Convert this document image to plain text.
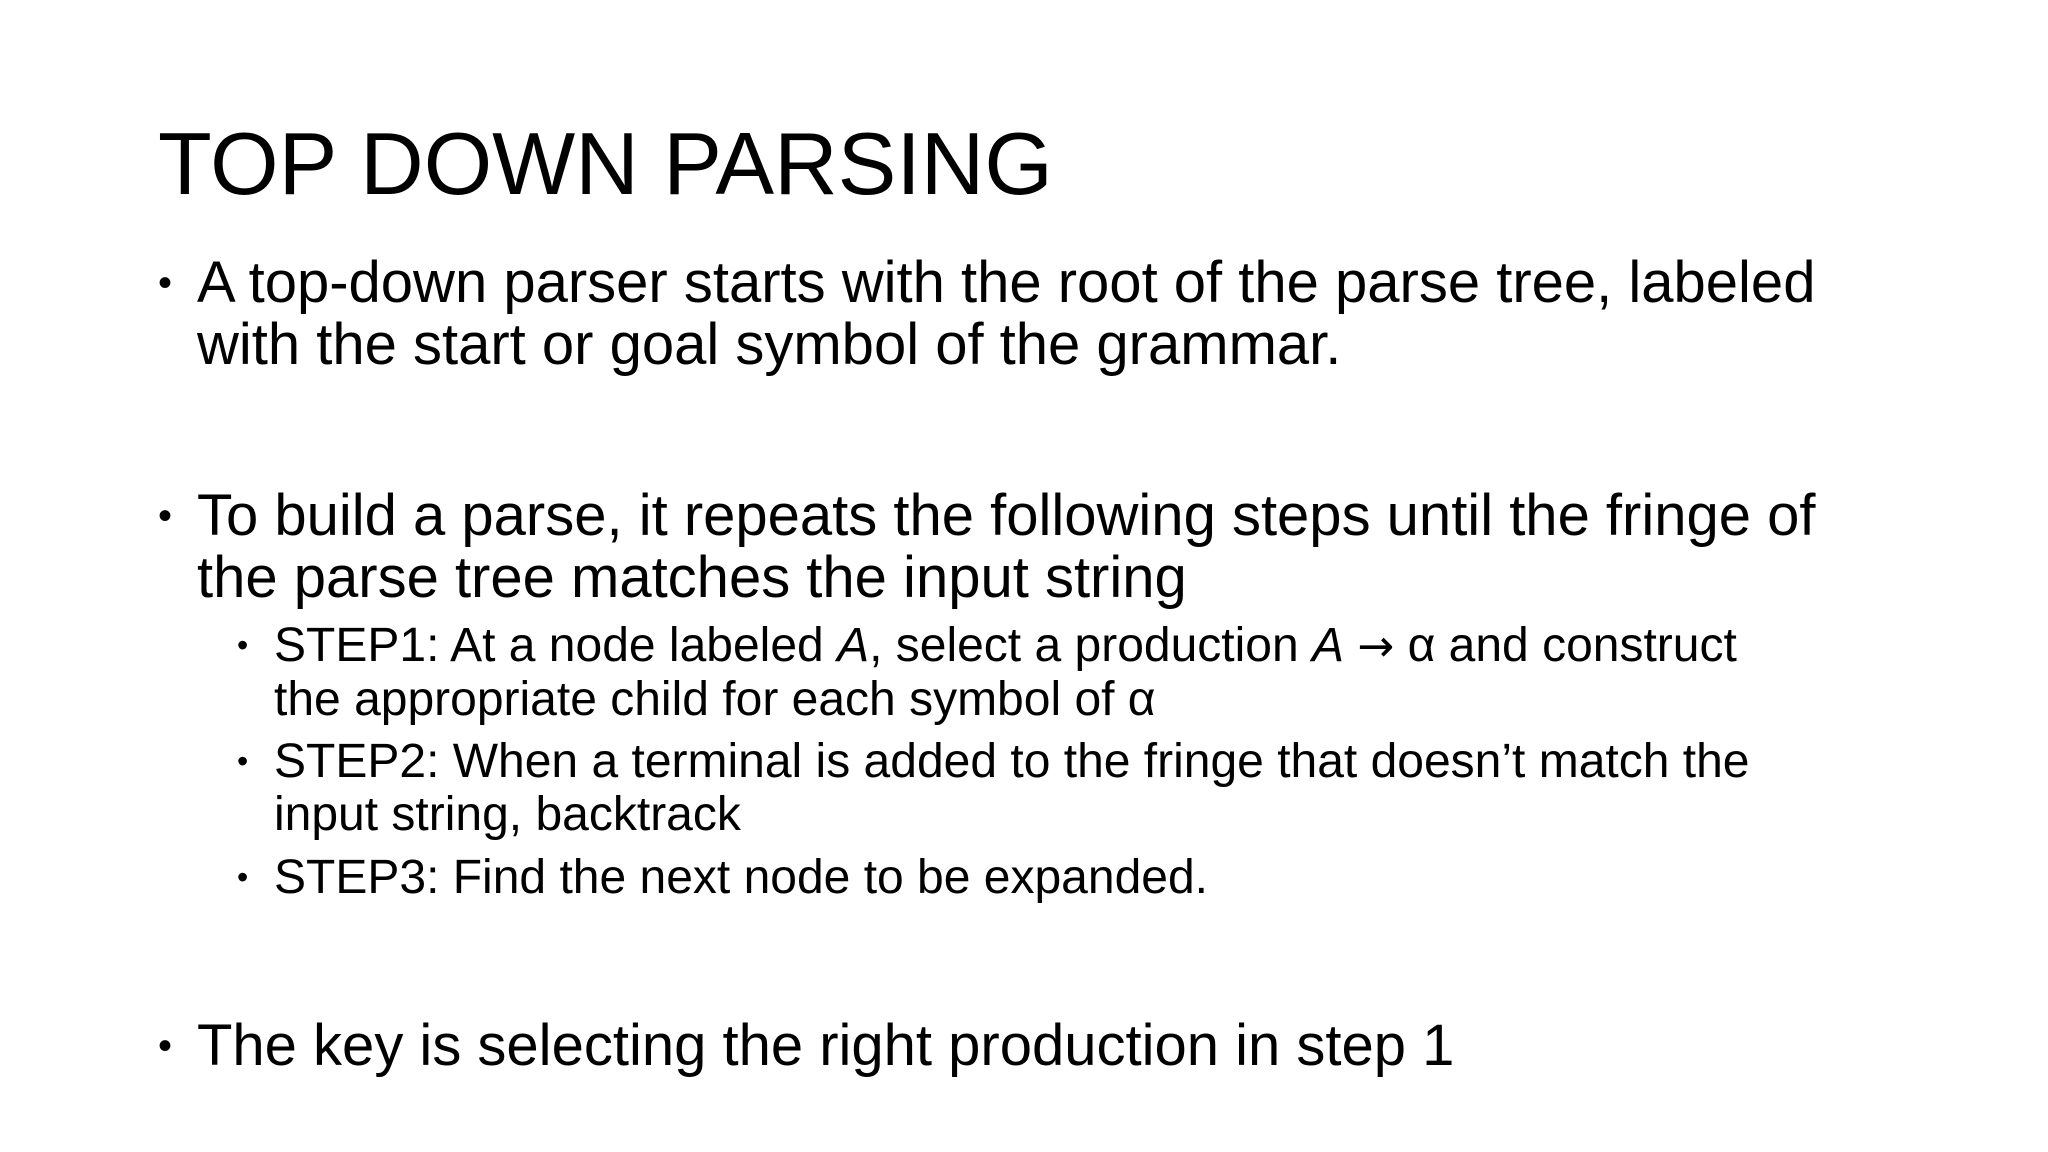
TOP DOWN PARSING
• A top-down parser starts with the root of the parse tree, labeled
with the start or goal symbol of the grammar.
• To build a parse, it repeats the following steps until the fringe of
the parse tree matches the input string
• STEP1: At a node labeled A, select a production A → α and construct
the appropriate child for each symbol of α
• STEP2: When a terminal is added to the fringe that doesn’t match the
input string, backtrack
• STEP3: Find the next node to be expanded.
• The key is selecting the right production in step 1
